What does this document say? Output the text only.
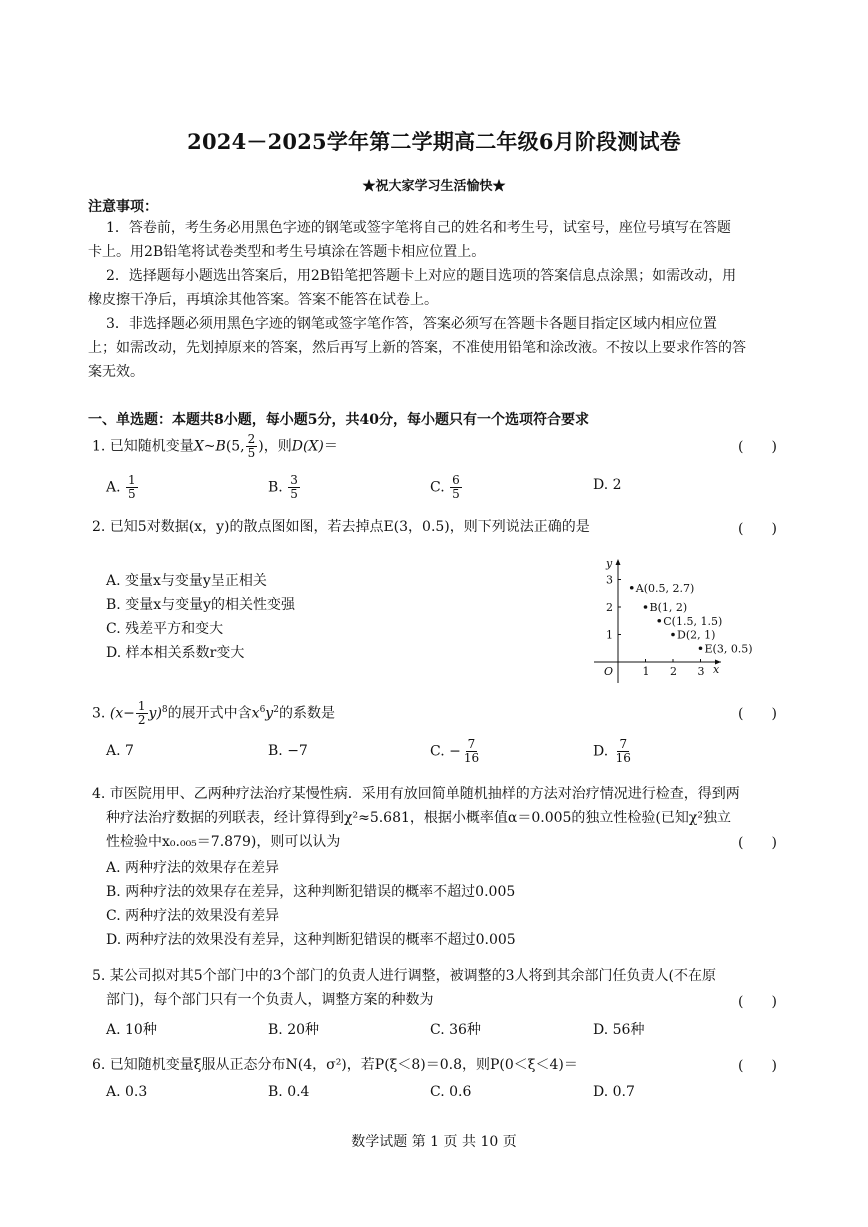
2024－2025学年第二学期高二年级6月阶段测试卷
★祝大家学习生活愉快★
注意事项：
1．答卷前，考生务必用黑色字迹的钢笔或签字笔将自己的姓名和考生号，试室号，座位号填写在答题
卡上。用2B铅笔将试卷类型和考生号填涂在答题卡相应位置上。
2．选择题每小题选出答案后，用2B铅笔把答题卡上对应的题目选项的答案信息点涂黑；如需改动，用
橡皮擦干净后，再填涂其他答案。答案不能答在试卷上。
3．非选择题必须用黑色字迹的钢笔或签字笔作答，答案必须写在答题卡各题目指定区域内相应位置
上；如需改动，先划掉原来的答案，然后再写上新的答案，不准使用铅笔和涂改液。不按以上要求作答的答
案无效。
一、单选题：本题共8小题，每小题5分，共40分，每小题只有一个选项符合要求
1. 已知随机变量X~B(5, $\frac{2}{5}$ )，则D(X)＝	(　　)
A. $\frac{1}{5}$	B. $\frac{3}{5}$	C. $\frac{6}{5}$	D. 2
2. 已知5对数据(x，y)的散点图如图，若去掉点E(3，0.5)，则下列说法正确的是	(　　)
A. 变量x与变量y呈正相关
B. 变量x与变量y的相关性变强
C. 残差平方和变大
D. 样本相关系数r变大
x
y
O	1 2 3
1
2
3
A(0.5, 2.7)
B(1, 2)
C(1.5, 1.5)
D(2, 1)
E(3, 0.5)
3. $(x- \frac{1}{2} y)^8$的展开式中含$x^6y^2$的系数是	(　　)
A. 7	B. −7	C. − $\frac{7}{16}$	D. $\frac{7}{16}$
4. 市医院用甲、乙两种疗法治疗某慢性病．采用有放回简单随机抽样的方法对治疗情况进行检查，得到两
种疗法治疗数据的列联表，经计算得到χ²≈5.681，根据小概率值α＝0.005的独立性检验(已知χ²独立
性检验中x₀.₀₀₅＝7.879)，则可以认为	(　　)
A. 两种疗法的效果存在差异
B. 两种疗法的效果存在差异，这种判断犯错误的概率不超过0.005
C. 两种疗法的效果没有差异
D. 两种疗法的效果没有差异，这种判断犯错误的概率不超过0.005
5. 某公司拟对其5个部门中的3个部门的负责人进行调整，被调整的3人将到其余部门任负责人(不在原
部门)，每个部门只有一个负责人，调整方案的种数为	(　　)
A. 10种	B. 20种	C. 36种	D. 56种
6. 已知随机变量ξ服从正态分布N(4，σ²)，若P(ξ＜8)＝0.8，则P(0＜ξ＜4)＝	(　　)
A. 0.3	B. 0.4	C. 0.6	D. 0.7
数学试题 第 1 页 共 10 页
